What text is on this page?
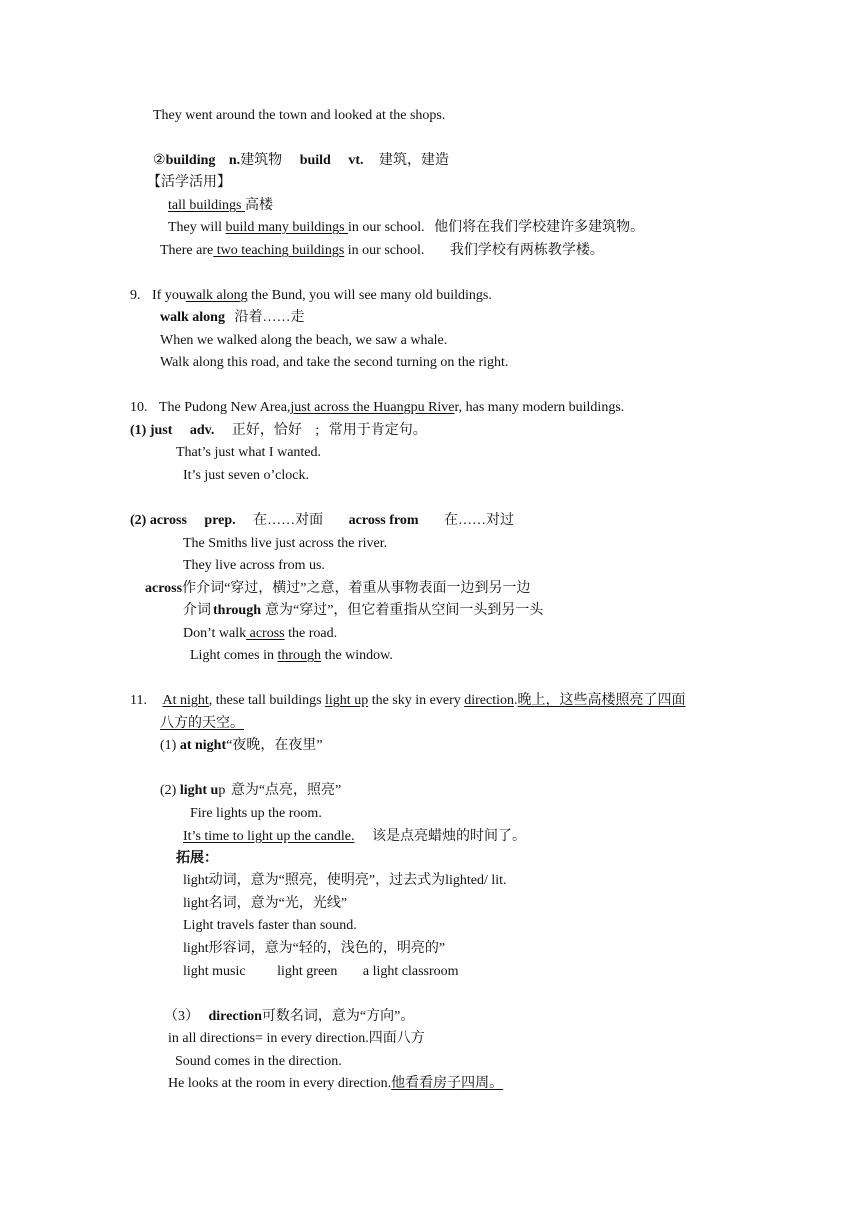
They went around the town and looked at the shops.
②building n.建筑物 build vt. 建筑，建造
【活学活用】
tall buildings 高楼
They will build many buildings in our school. 他们将在我们学校建许多建筑物。
There are two teaching buildings in our school. 我们学校有两栋教学楼。
9. If youwalk along the Bund, you will see many old buildings.
walk along 沿着……走
When we walked along the beach, we saw a whale.
Walk along this road, and take the second turning on the right.
10. The Pudong New Area,just across the Huangpu River, has many modern buildings.
(1) just adv. 正好，恰好 ; 常用于肯定句。
That’s just what I wanted.
It’s just seven o’clock.
(2) across prep. 在……对面 across from 在……对过
The Smiths live just across the river.
They live across from us.
across作介词“穿过，横过”之意，着重从事物表面一边到另一边
介词 through 意为“穿过”，但它着重指从空间一头到另一头
Don’t walk across the road.
Light comes in through the window.
11. At night, these tall buildings light up the sky in every direction.晚上，这些高楼照亮了四面
八方的天空。
(1) at night“夜晚，在夜里”
(2) light up 意为“点亮，照亮”
Fire lights up the room.
It’s time to light up the candle. 该是点亮蜡烛的时间了。
拓展：
light动词，意为“照亮，使明亮”，过去式为lighted/ lit.
light名词，意为“光，光线”
Light travels faster than sound.
light形容词，意为“轻的，浅色的，明亮的”
light music light green a light classroom
（3） direction可数名词，意为“方向”。
in all directions= in every direction.四面八方
Sound comes in the direction.
He looks at the room in every direction.他看看房子四周。
